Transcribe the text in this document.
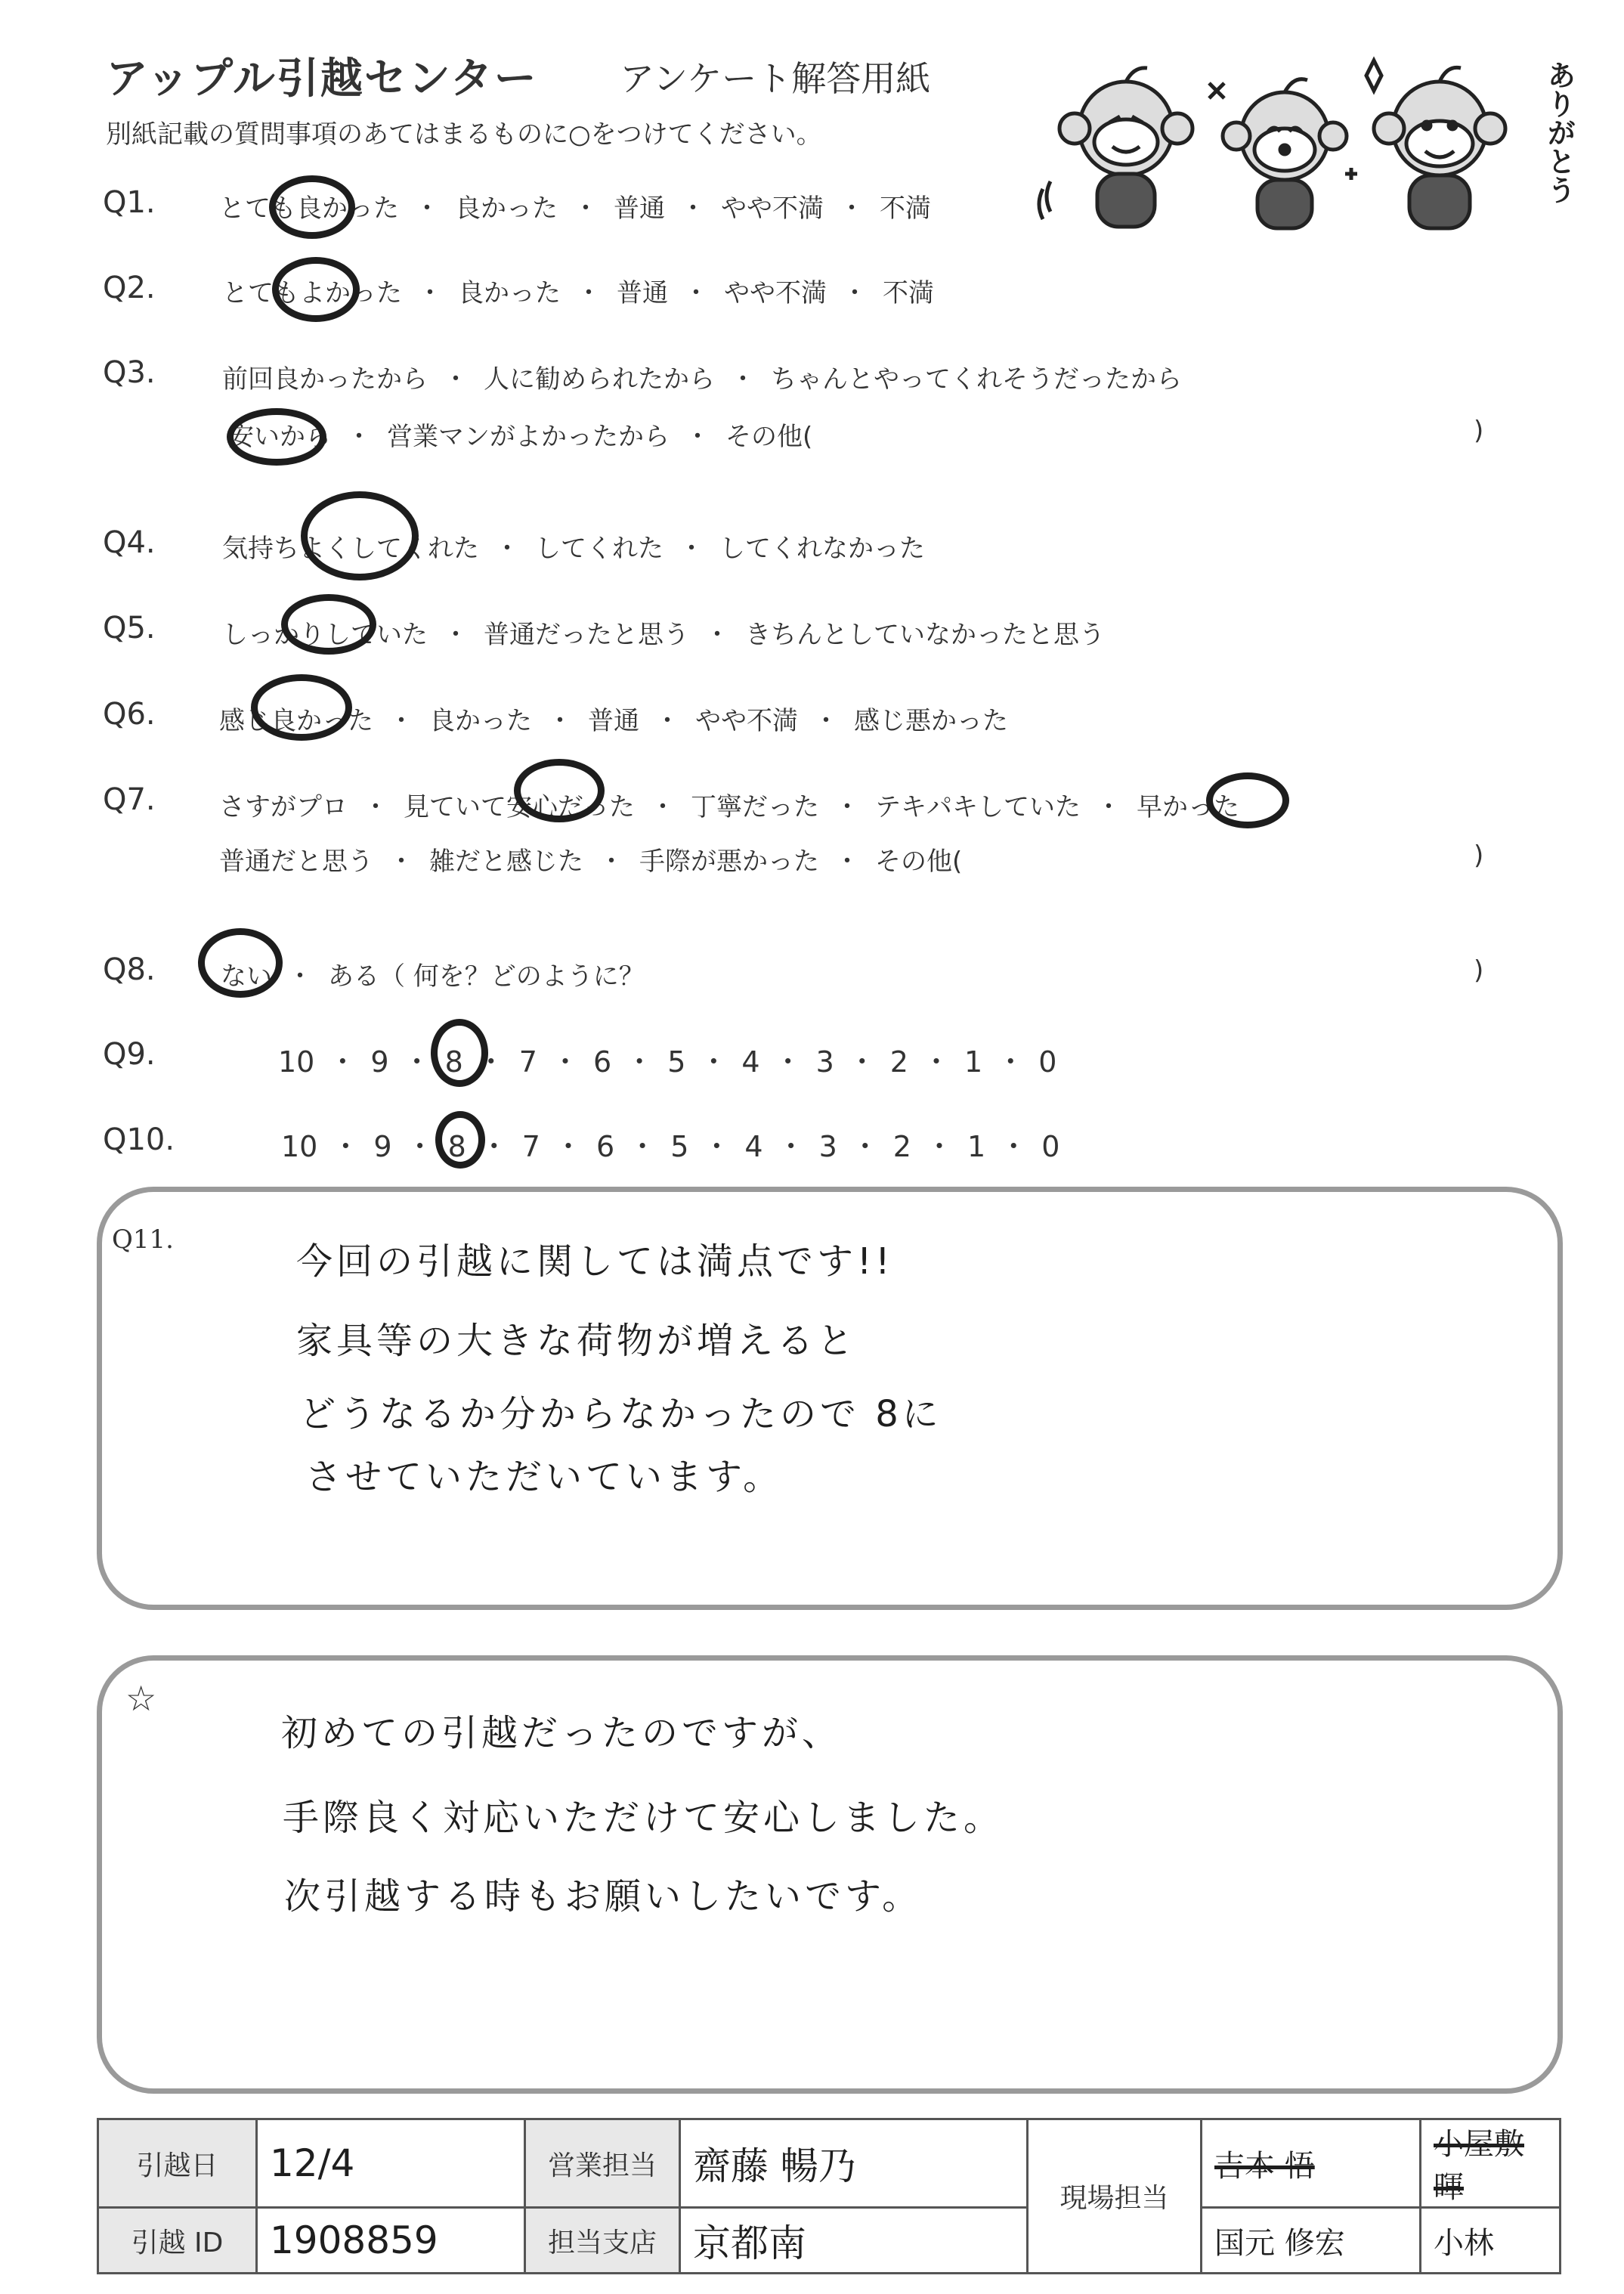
アップル引越センター アンケート解答用紙
別紙記載の質問事項のあてはまるものに○をつけてください。	ありがとう
Q1. とても良かった ・ 良かった ・ 普通 ・ やや不満 ・ 不満
Q2.	とてもよかった ・ 良かった ・ 普通 ・ やや不満 ・ 不満
Q3.	前回良かったから ・ 人に勧められたから ・ ちゃんとやってくれそうだったから
安いから ・ 営業マンがよかったから ・ その他(	)
Q4.	気持ちよくしてくれた ・ してくれた ・ してくれなかった
Q5.	しっかりしていた ・ 普通だったと思う ・ きちんとしていなかったと思う
Q6. 感じ良かった ・ 良かった ・ 普通 ・ やや不満 ・ 感じ悪かった
Q7. さすがプロ ・ 見ていて安心だった ・ 丁寧だった ・ テキパキしていた ・ 早かった
普通だと思う ・ 雑だと感じた ・ 手際が悪かった ・ その他(	)
Q8.	ない ・ ある（ 何を？どのように？	)
Q9.	10 ・ 9 ・ 8 ・ 7 ・ 6 ・ 5 ・ 4 ・ 3 ・ 2 ・ 1 ・ 0
Q10.	10 ・ 9 ・ 8 ・ 7 ・ 6 ・ 5 ・ 4 ・ 3 ・ 2 ・ 1 ・ 0
Q11.
今回の引越に関しては満点です!!
家具等の大きな荷物が増えると
どうなるか分からなかったので 8に
させていただいています。
☆
初めての引越だったのですが、
手際良く対応いただけて安心しました。
次引越する時もお願いしたいです。
引越日	12/4	営業担当	齋藤 暢乃	現場担当	吉本 悟	小屋敷 暉
引越 ID	1908859	担当支店	京都南		国元 修宏	小林
